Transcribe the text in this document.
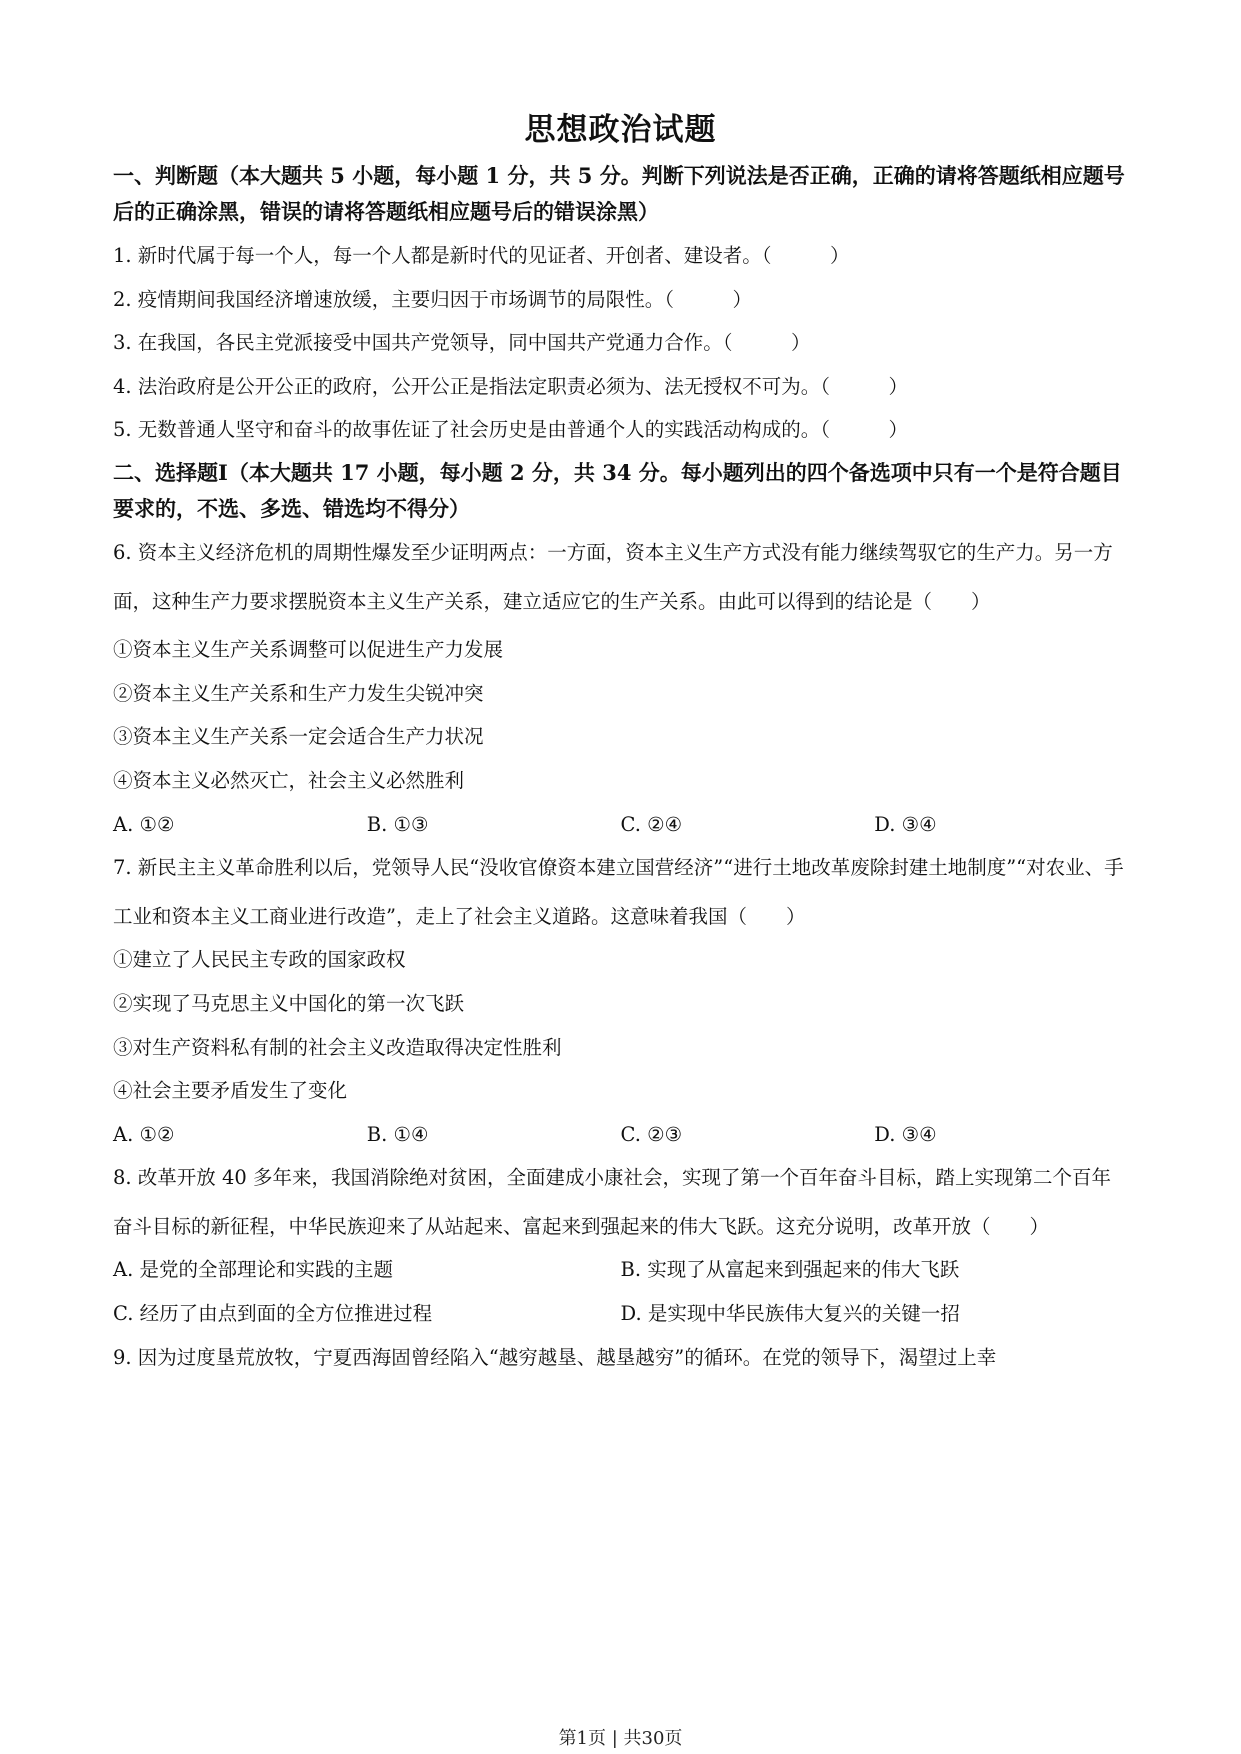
思想政治试题

一、判断题（本大题共 5 小题，每小题 1 分，共 5 分。判断下列说法是否正确，正确的请将答题纸相应题号后的正确涂黑，错误的请将答题纸相应题号后的错误涂黑）

1. 新时代属于每一个人，每一个人都是新时代的见证者、开创者、建设者。（　　　）

2. 疫情期间我国经济增速放缓，主要归因于市场调节的局限性。（　　　）

3. 在我国，各民主党派接受中国共产党领导，同中国共产党通力合作。（　　　）

4. 法治政府是公开公正的政府，公开公正是指法定职责必须为、法无授权不可为。（　　　）

5. 无数普通人坚守和奋斗的故事佐证了社会历史是由普通个人的实践活动构成的。（　　　）

二、选择题Ⅰ（本大题共 17 小题，每小题 2 分，共 34 分。每小题列出的四个备选项中只有一个是符合题目要求的，不选、多选、错选均不得分）

6. 资本主义经济危机的周期性爆发至少证明两点：一方面，资本主义生产方式没有能力继续驾驭它的生产力。另一方面，这种生产力要求摆脱资本主义生产关系，建立适应它的生产关系。由此可以得到的结论是（　　）

①资本主义生产关系调整可以促进生产力发展

②资本主义生产关系和生产力发生尖锐冲突

③资本主义生产关系一定会适合生产力状况

④资本主义必然灭亡，社会主义必然胜利

A. ①②	B. ①③	C. ②④	D. ③④

7. 新民主主义革命胜利以后，党领导人民“没收官僚资本建立国营经济”“进行土地改革废除封建土地制度”“对农业、手工业和资本主义工商业进行改造”，走上了社会主义道路。这意味着我国（　　）

①建立了人民民主专政的国家政权

②实现了马克思主义中国化的第一次飞跃

③对生产资料私有制的社会主义改造取得决定性胜利

④社会主要矛盾发生了变化

A. ①②	B. ①④	C. ②③	D. ③④

8. 改革开放 40 多年来，我国消除绝对贫困，全面建成小康社会，实现了第一个百年奋斗目标，踏上实现第二个百年奋斗目标的新征程，中华民族迎来了从站起来、富起来到强起来的伟大飞跃。这充分说明，改革开放（　　）

A. 是党的全部理论和实践的主题	B. 实现了从富起来到强起来的伟大飞跃
C. 经历了由点到面的全方位推进过程	D. 是实现中华民族伟大复兴的关键一招

9. 因为过度垦荒放牧，宁夏西海固曾经陷入“越穷越垦、越垦越穷”的循环。在党的领导下，渴望过上幸

第1页 | 共30页
